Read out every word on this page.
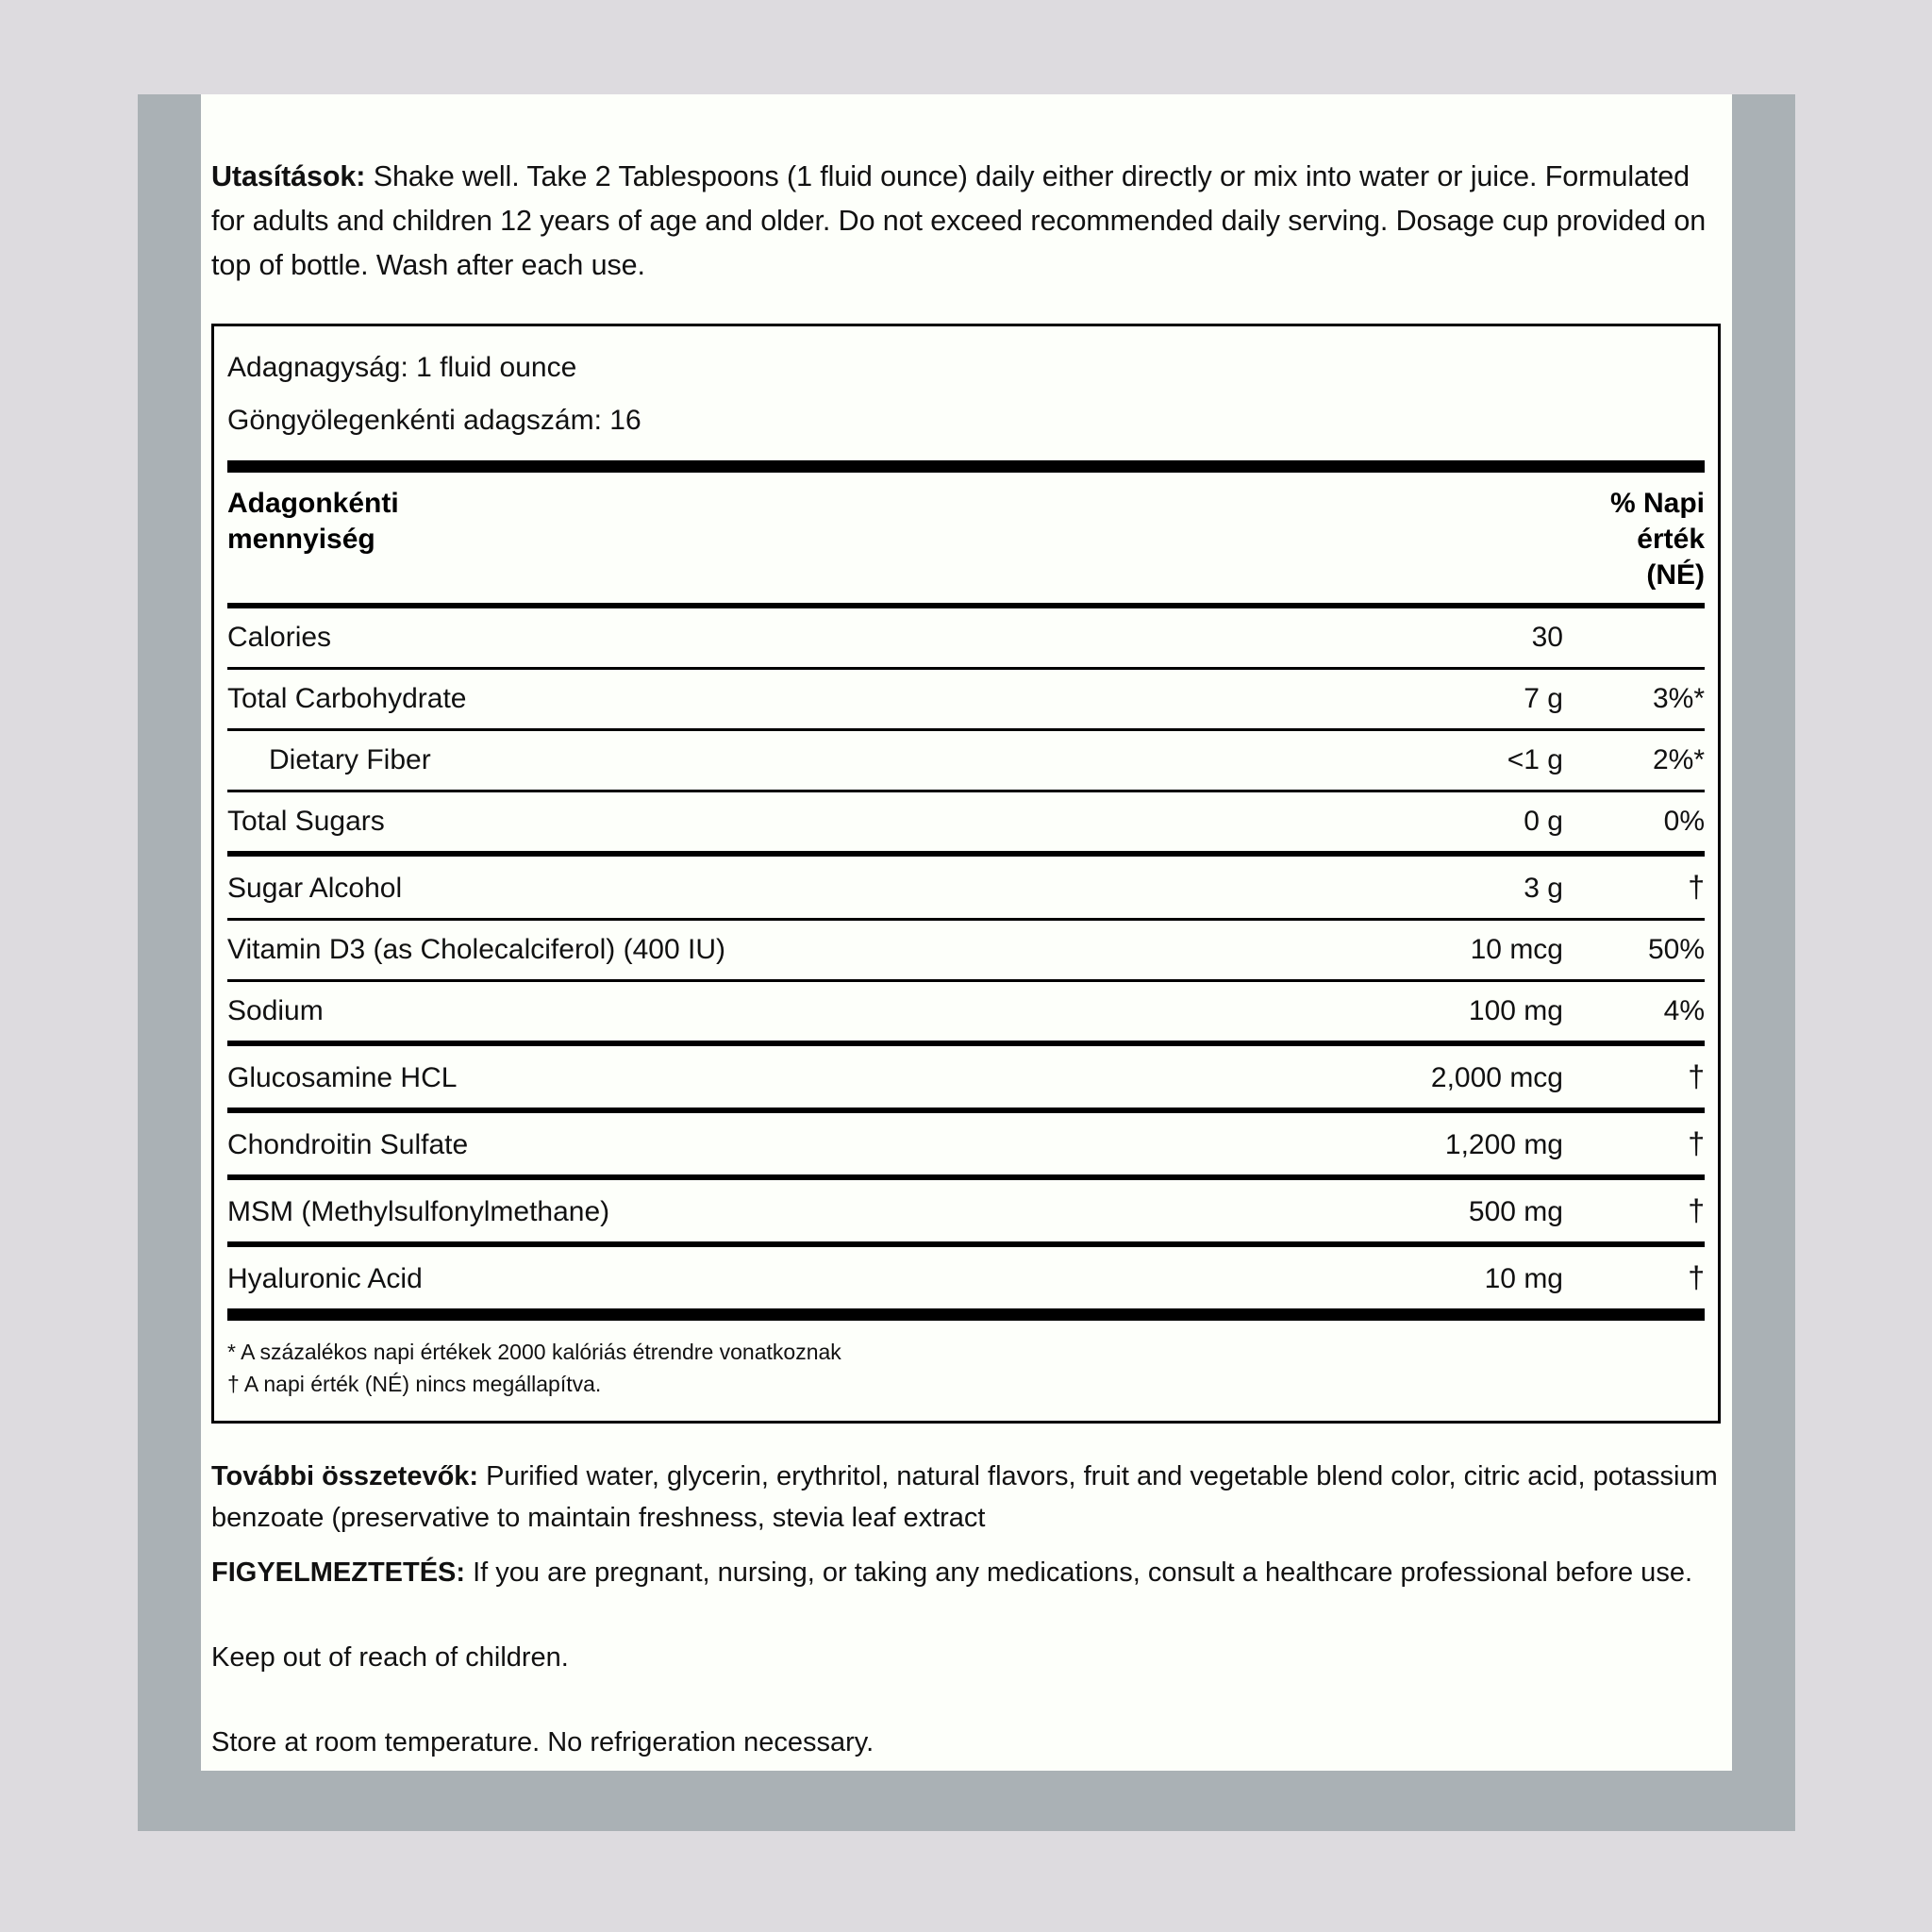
Utasítások: Shake well. Take 2 Tablespoons (1 fluid ounce) daily either directly or mix into water or juice. Formulated for adults and children 12 years of age and older. Do not exceed recommended daily serving. Dosage cup provided on top of bottle. Wash after each use.
Adagnagyság: 1 fluid ounce
Göngyölegenkénti adagszám: 16
Adagonkénti
mennyiség
% Napi
érték
(NÉ)
Calories	30
Total Carbohydrate	7 g	3%*
Dietary Fiber	<1 g	2%*
Total Sugars	0 g	0%
Sugar Alcohol	3 g	†
Vitamin D3 (as Cholecalciferol) (400 IU)	10 mcg	50%
Sodium	100 mg	4%
Glucosamine HCL	2,000 mcg	†
Chondroitin Sulfate	1,200 mg	†
MSM (Methylsulfonylmethane)	500 mg	†
Hyaluronic Acid	10 mg	†
* A százalékos napi értékek 2000 kalóriás étrendre vonatkoznak
† A napi érték (NÉ) nincs megállapítva.

További összetevők: Purified water, glycerin, erythritol, natural flavors, fruit and vegetable blend color, citric acid, potassium benzoate (preservative to maintain freshness, stevia leaf extract

FIGYELMEZTETÉS: If you are pregnant, nursing, or taking any medications, consult a healthcare professional before use.

Keep out of reach of children.

Store at room temperature. No refrigeration necessary.
